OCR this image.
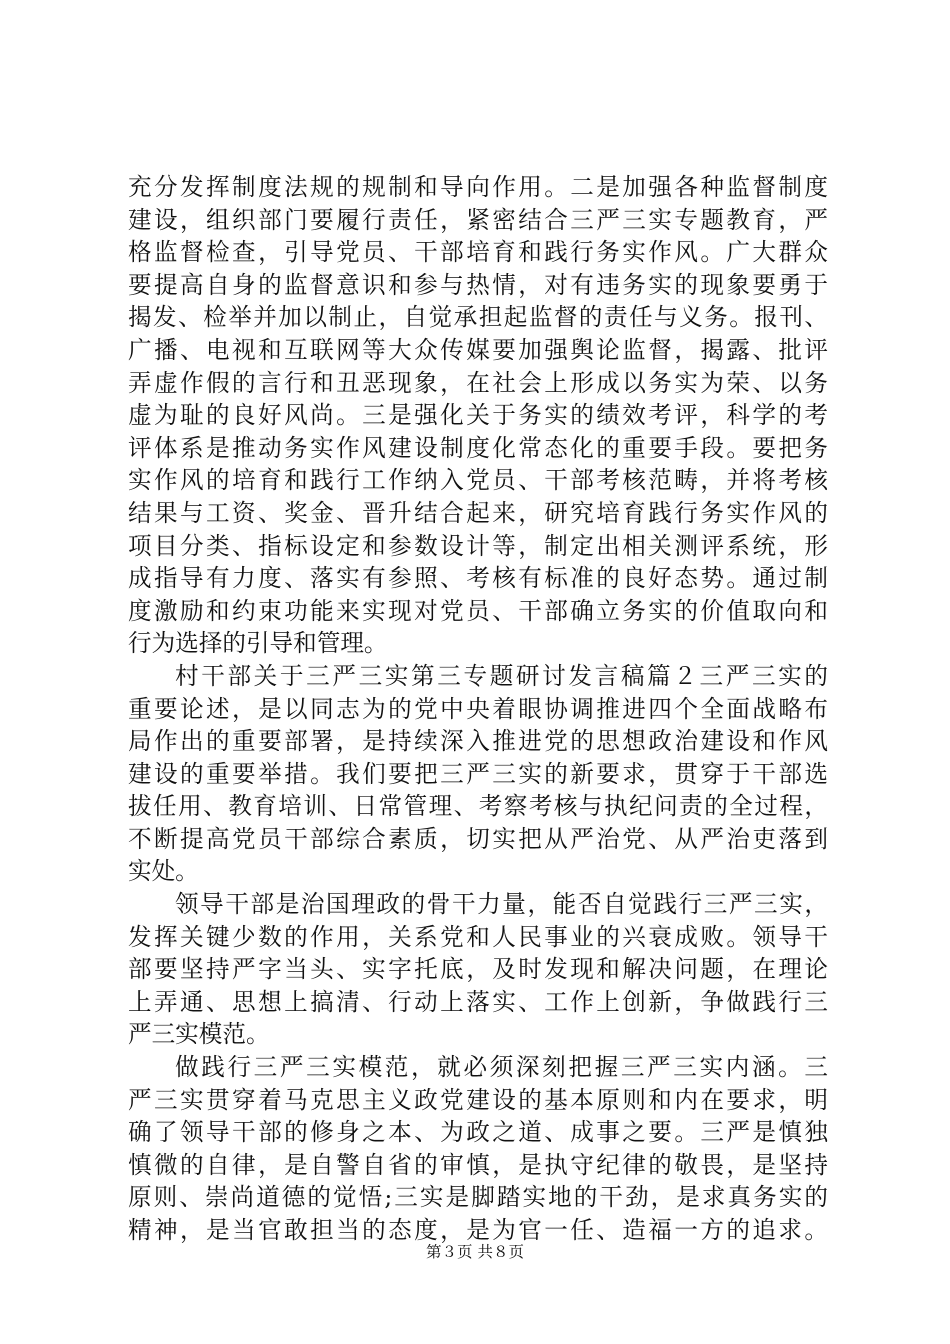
充分发挥制度法规的规制和导向作用。二是加强各种监督制度
建设，组织部门要履行责任，紧密结合三严三实专题教育，严
格监督检查，引导党员、干部培育和践行务实作风。广大群众
要提高自身的监督意识和参与热情，对有违务实的现象要勇于
揭发、检举并加以制止，自觉承担起监督的责任与义务。报刊、
广播、电视和互联网等大众传媒要加强舆论监督，揭露、批评
弄虚作假的言行和丑恶现象，在社会上形成以务实为荣、以务
虚为耻的良好风尚。三是强化关于务实的绩效考评，科学的考
评体系是推动务实作风建设制度化常态化的重要手段。要把务
实作风的培育和践行工作纳入党员、干部考核范畴，并将考核
结果与工资、奖金、晋升结合起来，研究培育践行务实作风的
项目分类、指标设定和参数设计等，制定出相关测评系统，形
成指导有力度、落实有参照、考核有标准的良好态势。通过制
度激励和约束功能来实现对党员、干部确立务实的价值取向和
行为选择的引导和管理。
村干部关于三严三实第三专题研讨发言稿篇２三严三实的
重要论述，是以同志为的党中央着眼协调推进四个全面战略布
局作出的重要部署，是持续深入推进党的思想政治建设和作风
建设的重要举措。我们要把三严三实的新要求，贯穿于干部选
拔任用、教育培训、日常管理、考察考核与执纪问责的全过程，
不断提高党员干部综合素质，切实把从严治党、从严治吏落到
实处。
领导干部是治国理政的骨干力量，能否自觉践行三严三实，
发挥关键少数的作用，关系党和人民事业的兴衰成败。领导干
部要坚持严字当头、实字托底，及时发现和解决问题，在理论
上弄通、思想上搞清、行动上落实、工作上创新，争做践行三
严三实模范。
做践行三严三实模范，就必须深刻把握三严三实内涵。三
严三实贯穿着马克思主义政党建设的基本原则和内在要求，明
确了领导干部的修身之本、为政之道、成事之要。三严是慎独
慎微的自律，是自警自省的审慎，是执守纪律的敬畏，是坚持
原则、崇尚道德的觉悟;三实是脚踏实地的干劲，是求真务实的
精神，是当官敢担当的态度，是为官一任、造福一方的追求。
第３页 共８页
